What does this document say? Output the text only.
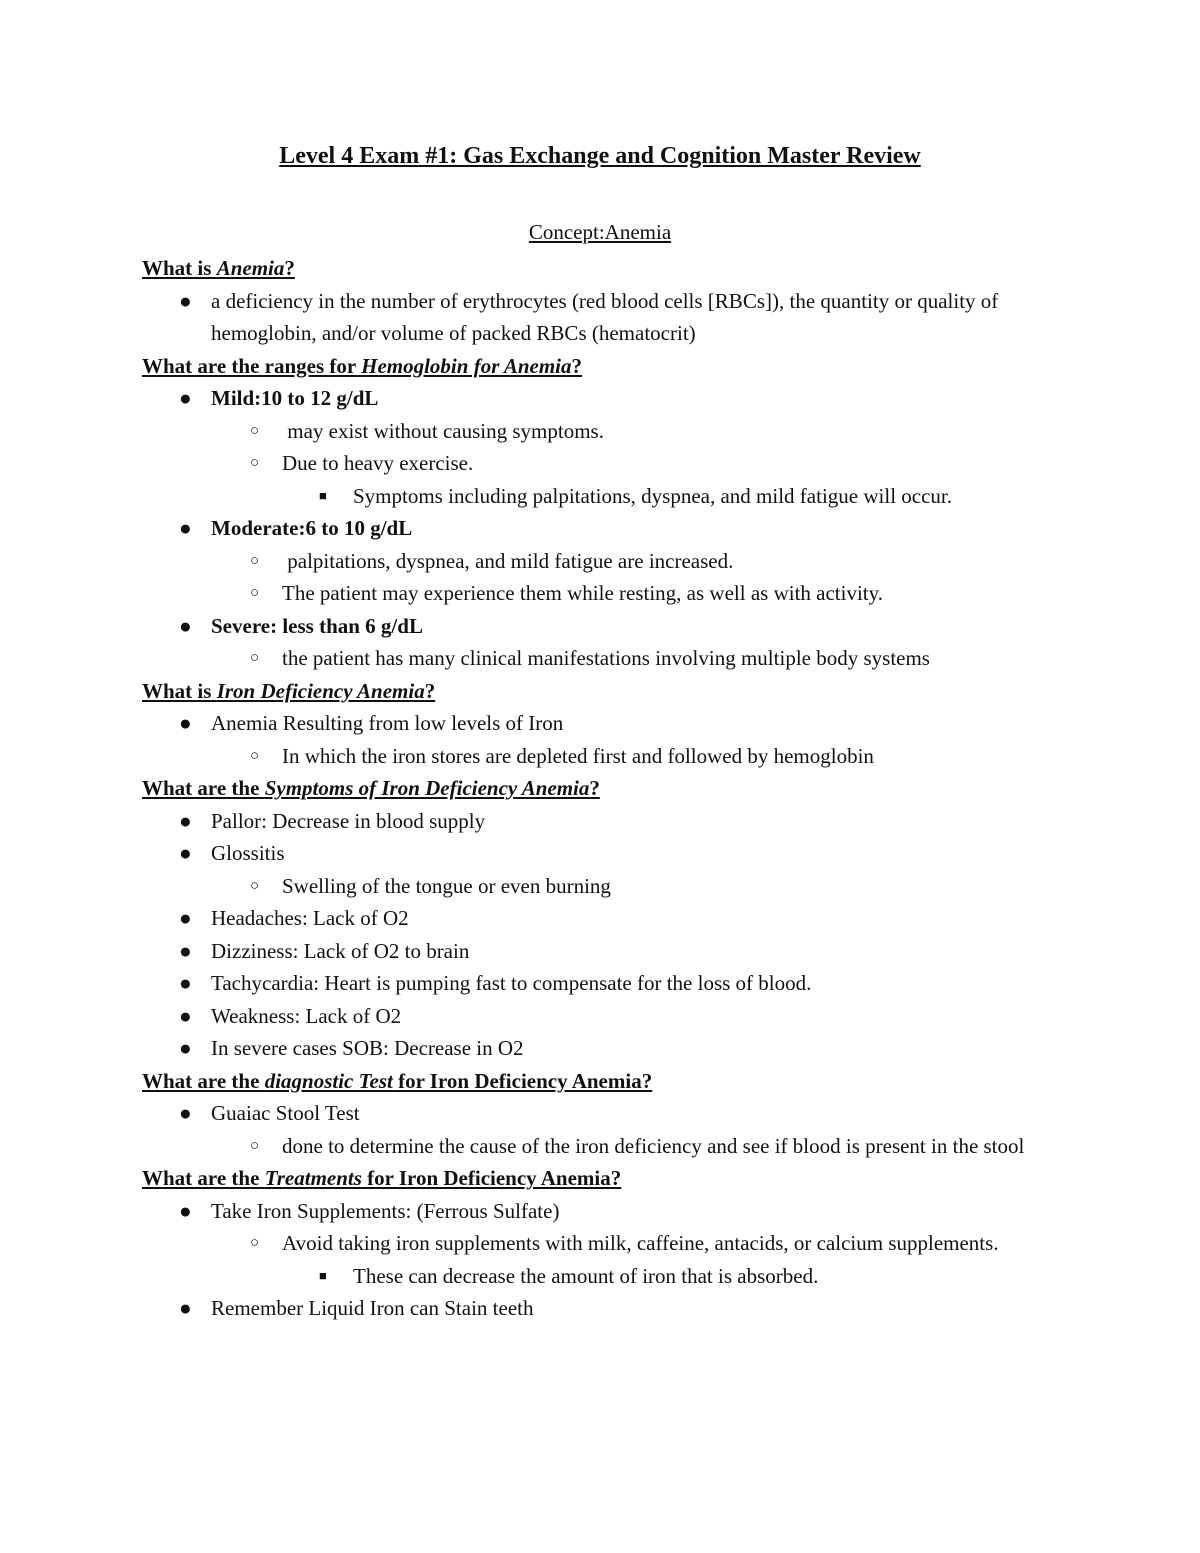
Level 4 Exam #1: Gas Exchange and Cognition Master Review

Concept:Anemia

What is Anemia?
● a deficiency in the number of erythrocytes (red blood cells [RBCs]), the quantity or quality of hemoglobin, and/or volume of packed RBCs (hematocrit)
What are the ranges for Hemoglobin for Anemia?
● Mild:10 to 12 g/dL
○ may exist without causing symptoms.
○ Due to heavy exercise.
■ Symptoms including palpitations, dyspnea, and mild fatigue will occur.
● Moderate:6 to 10 g/dL
○ palpitations, dyspnea, and mild fatigue are increased.
○ The patient may experience them while resting, as well as with activity.
● Severe: less than 6 g/dL
○ the patient has many clinical manifestations involving multiple body systems
What is Iron Deficiency Anemia?
● Anemia Resulting from low levels of Iron
○ In which the iron stores are depleted first and followed by hemoglobin
What are the Symptoms of Iron Deficiency Anemia?
● Pallor: Decrease in blood supply
● Glossitis
○ Swelling of the tongue or even burning
● Headaches: Lack of O2
● Dizziness: Lack of O2 to brain
● Tachycardia: Heart is pumping fast to compensate for the loss of blood.
● Weakness: Lack of O2
● In severe cases SOB: Decrease in O2
What are the diagnostic Test for Iron Deficiency Anemia?
● Guaiac Stool Test
○ done to determine the cause of the iron deficiency and see if blood is present in the stool
What are the Treatments for Iron Deficiency Anemia?
● Take Iron Supplements: (Ferrous Sulfate)
○ Avoid taking iron supplements with milk, caffeine, antacids, or calcium supplements.
■ These can decrease the amount of iron that is absorbed.
● Remember Liquid Iron can Stain teeth
